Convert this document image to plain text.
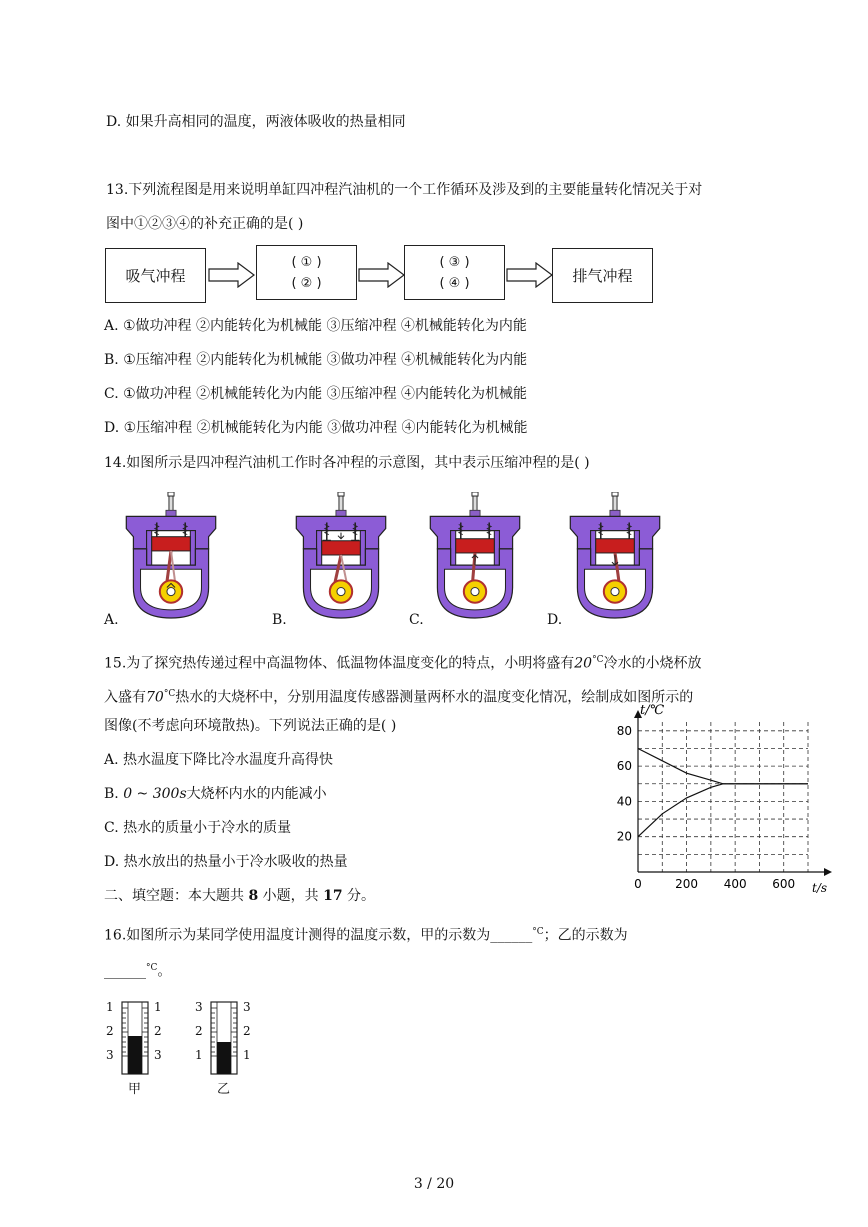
D. 如果升高相同的温度，两液体吸收的热量相同
13.下列流程图是用来说明单缸四冲程汽油机的一个工作循环及涉及到的主要能量转化情况关于对
图中①②③④的补充正确的是( )
吸气冲程
( ① )
( ② )
( ③ )
( ④ )	排气冲程
A. ①做功冲程 ②内能转化为机械能 ③压缩冲程 ④机械能转化为内能
B. ①压缩冲程 ②内能转化为机械能 ③做功冲程 ④机械能转化为内能
C. ①做功冲程 ②机械能转化为内能 ③压缩冲程 ④内能转化为机械能
D. ①压缩冲程 ②机械能转化为内能 ③做功冲程 ④内能转化为机械能
14.如图所示是四冲程汽油机工作时各冲程的示意图，其中表示压缩冲程的是( )
A.	B.	C.	D.
15.为了探究热传递过程中高温物体、低温物体温度变化的特点，小明将盛有$20^{^\circ C}$冷水的小烧杯放
入盛有$70^{^\circ C}$热水的大烧杯中，分别用温度传感器测量两杯水的温度变化情况，绘制成如图所示的
图像(不考虑向环境散热)。下列说法正确的是( )
A. 热水温度下降比冷水温度升高得快
B. 0 ~ 300s大烧杯内水的内能减小
C. 热水的质量小于冷水的质量
D. 热水放出的热量小于冷水吸收的热量
20
40
60
80
0	200 400 600
t/℃
t/s
二、填空题：本大题共 8 小题，共 17 分。
16.如图所示为某同学使用温度计测得的温度示数，甲的示数为______$^{^\circ C}$；乙的示数为
______$^{^\circ C}$。
1
2
3
1
2
3
甲
3
2
1
3
2
1
乙
3 / 20
